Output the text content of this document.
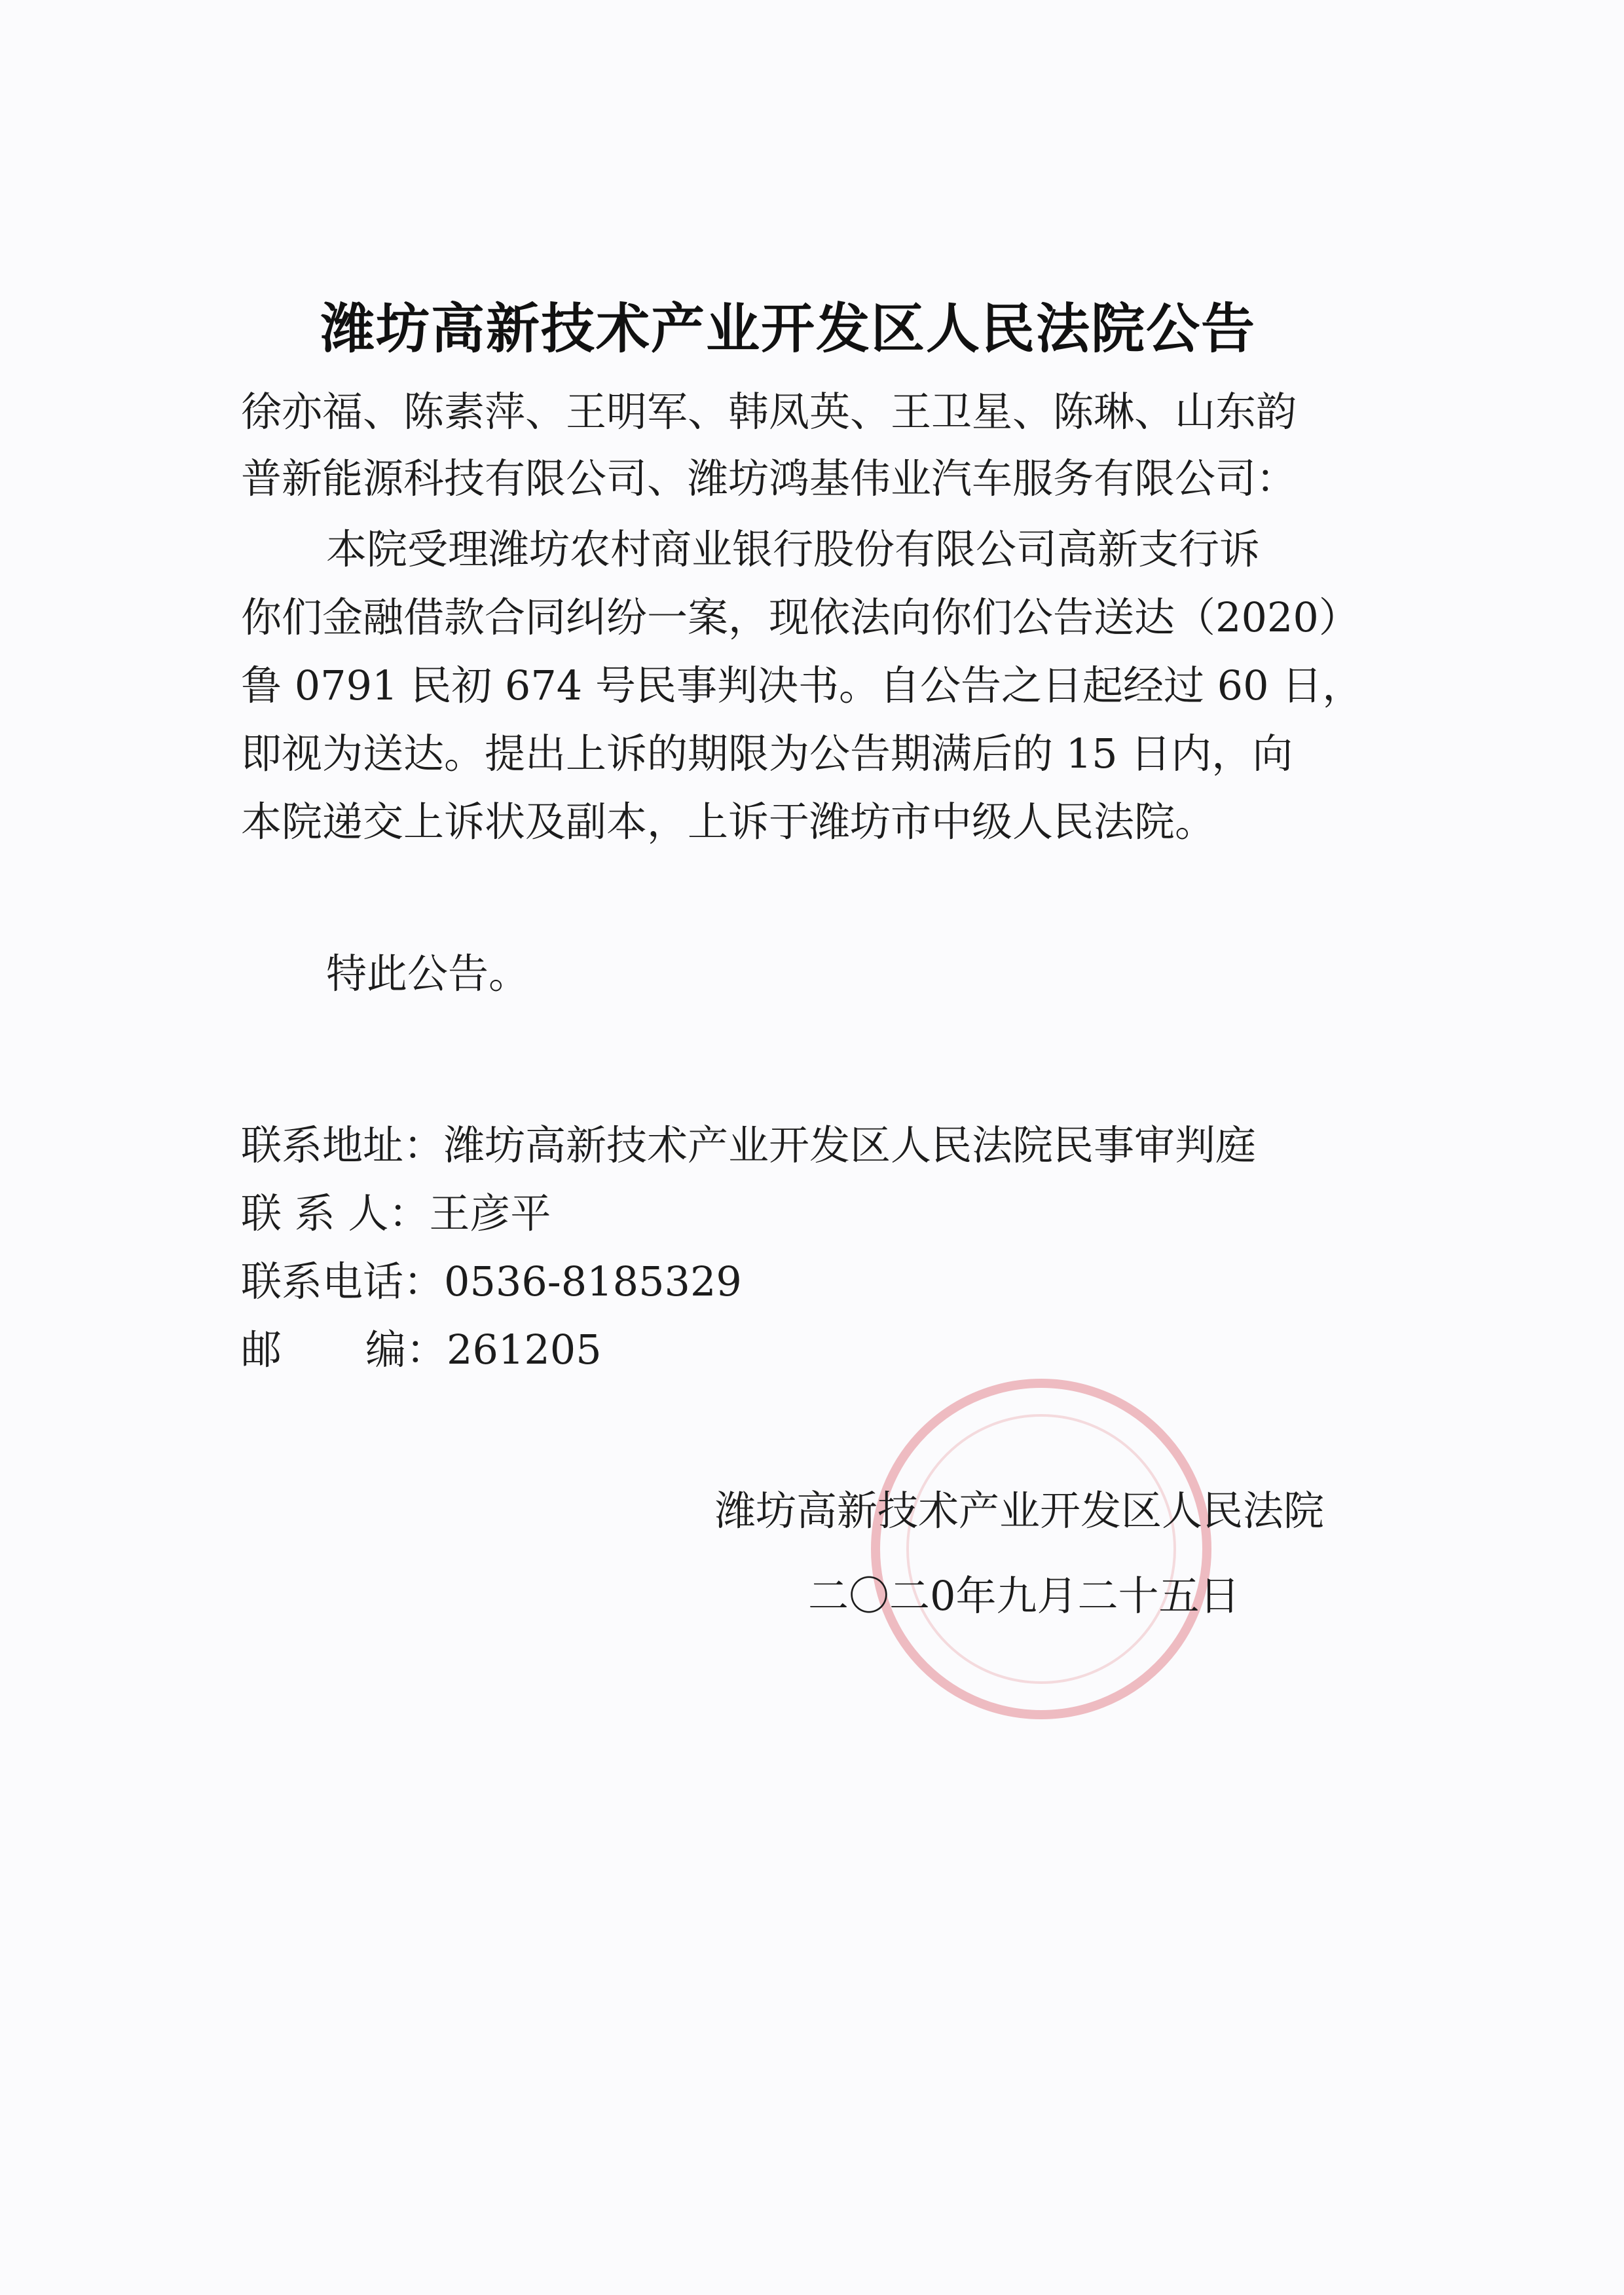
潍坊高新技术产业开发区人民法院公告
徐亦福、陈素萍、王明军、韩凤英、王卫星、陈琳、山东韵
普新能源科技有限公司、潍坊鸿基伟业汽车服务有限公司：
本院受理潍坊农村商业银行股份有限公司高新支行诉
你们金融借款合同纠纷一案，现依法向你们公告送达（2020）
鲁 0791 民初 674 号民事判决书。自公告之日起经过 60 日，
即视为送达。提出上诉的期限为公告期满后的 15 日内，向
本院递交上诉状及副本，上诉于潍坊市中级人民法院。
特此公告。
联系地址：潍坊高新技术产业开发区人民法院民事审判庭
联 系 人：王彦平
联系电话：0536-8185329
邮 编：261205
潍坊高新技术产业开发区人民法院
二〇二0年九月二十五日
